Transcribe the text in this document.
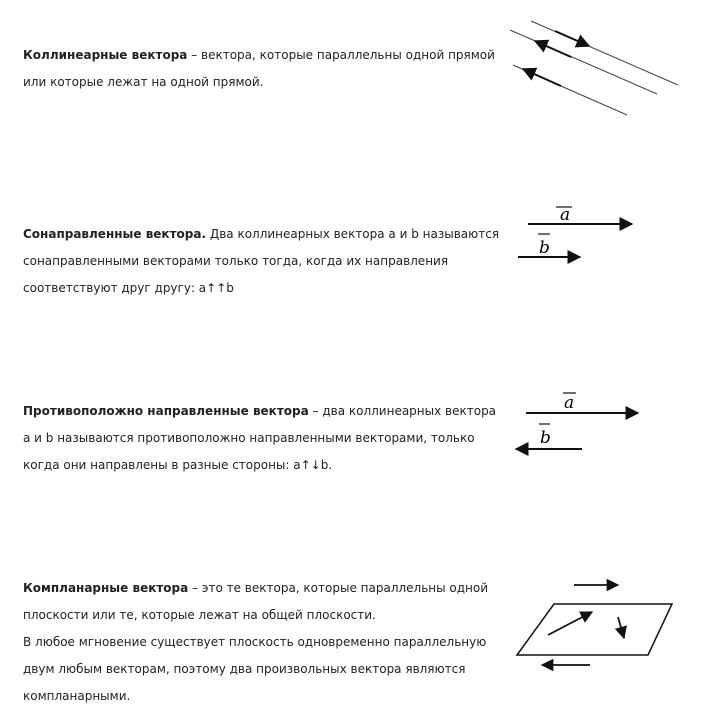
Коллинеарные вектора – вектора, которые параллельны одной прямой
или которые лежат на одной прямой.
Сонаправленные вектора. Два коллинеарных вектора a и b называются
сонаправленными векторами только тогда, когда их направления
соответствуют друг другу: a↑↑b
a
b
Противоположно направленные вектора – два коллинеарных вектора
a и b называются противоположно направленными векторами, только
когда они направлены в разные стороны: a↑↓b.
a
b
Компланарные вектора – это те вектора, которые параллельны одной
плоскости или те, которые лежат на общей плоскости.
В любое мгновение существует плоскость одновременно параллельную
двум любым векторам, поэтому два произвольных вектора являются
компланарными.
